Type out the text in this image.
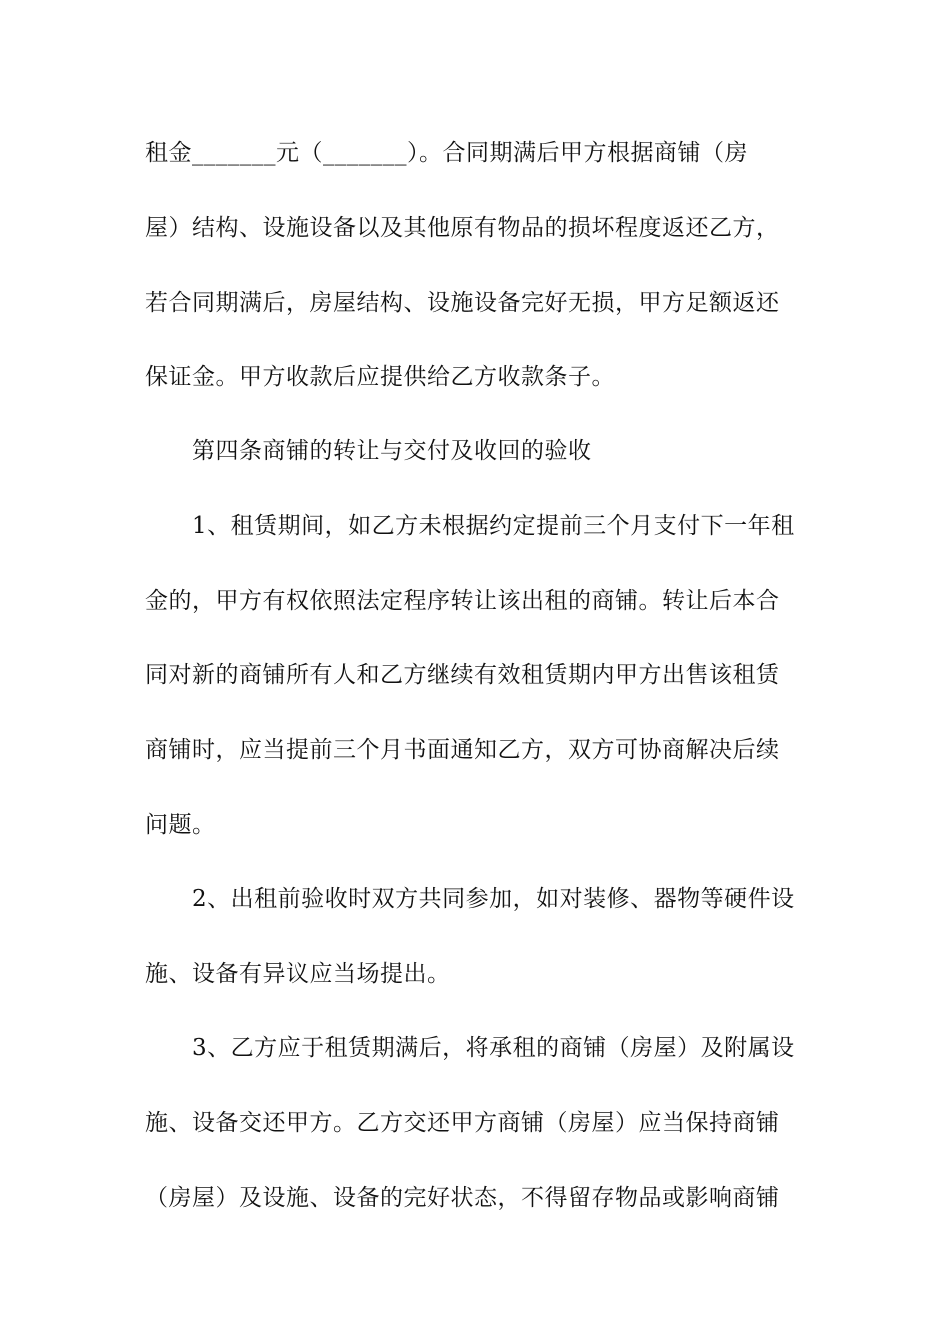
租金_______元（_______）。合同期满后甲方根据商铺（房
屋）结构、设施设备以及其他原有物品的损坏程度返还乙方，
若合同期满后，房屋结构、设施设备完好无损，甲方足额返还
保证金。甲方收款后应提供给乙方收款条子。
第四条商铺的转让与交付及收回的验收
1、租赁期间，如乙方未根据约定提前三个月支付下一年租
金的，甲方有权依照法定程序转让该出租的商铺。转让后本合
同对新的商铺所有人和乙方继续有效租赁期内甲方出售该租赁
商铺时，应当提前三个月书面通知乙方，双方可协商解决后续
问题。
2、出租前验收时双方共同参加，如对装修、器物等硬件设
施、设备有异议应当场提出。
3、乙方应于租赁期满后，将承租的商铺（房屋）及附属设
施、设备交还甲方。乙方交还甲方商铺（房屋）应当保持商铺
（房屋）及设施、设备的完好状态，不得留存物品或影响商铺
